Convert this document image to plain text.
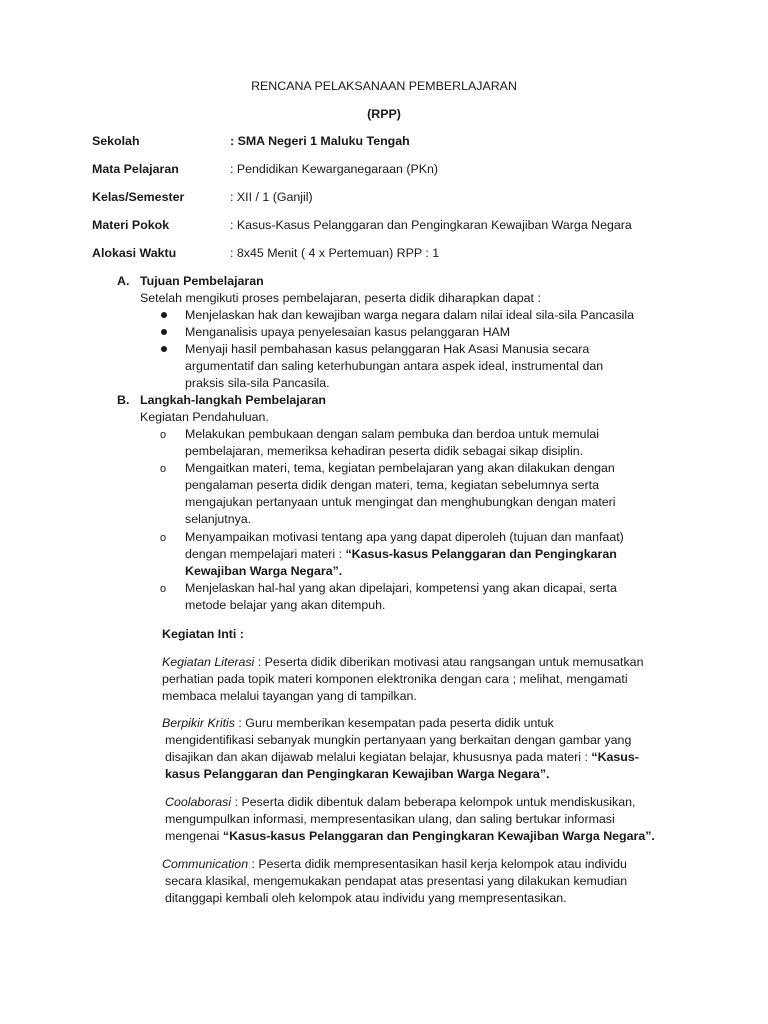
RENCANA PELAKSANAAN PEMBERLAJARAN
(RPP)
Sekolah	: SMA Negeri 1 Maluku Tengah
Mata Pelajaran	: Pendidikan Kewarganegaraan (PKn)
Kelas/Semester	: XII / 1 (Ganjil)
Materi Pokok	: Kasus-Kasus Pelanggaran dan Pengingkaran Kewajiban Warga Negara
Alokasi Waktu	: 8x45 Menit ( 4 x Pertemuan) RPP : 1
A. Tujuan Pembelajaran
Setelah mengikuti proses pembelajaran, peserta didik diharapkan dapat :
Menjelaskan hak dan kewajiban warga negara dalam nilai ideal sila-sila Pancasila
Menganalisis upaya penyelesaian kasus pelanggaran HAM
Menyaji hasil pembahasan kasus pelanggaran Hak Asasi Manusia secara
argumentatif dan saling keterhubungan antara aspek ideal, instrumental dan
praksis sila-sila Pancasila.
B. Langkah-langkah Pembelajaran
Kegiatan Pendahuluan.
o Melakukan pembukaan dengan salam pembuka dan berdoa untuk memulai
pembelajaran, memeriksa kehadiran peserta didik sebagai sikap disiplin.
o Mengaitkan materi, tema, kegiatan pembelajaran yang akan dilakukan dengan
pengalaman peserta didik dengan materi, tema, kegiatan sebelumnya serta
mengajukan pertanyaan untuk mengingat dan menghubungkan dengan materi
selanjutnya.
o Menyampaikan motivasi tentang apa yang dapat diperoleh (tujuan dan manfaat)
dengan mempelajari materi : “Kasus-kasus Pelanggaran dan Pengingkaran
Kewajiban Warga Negara”.
o Menjelaskan hal-hal yang akan dipelajari, kompetensi yang akan dicapai, serta
metode belajar yang akan ditempuh.
Kegiatan Inti :
Kegiatan Literasi : Peserta didik diberikan motivasi atau rangsangan untuk memusatkan
perhatian pada topik materi komponen elektronika dengan cara ; melihat, mengamati
membaca melalui tayangan yang di tampilkan.
Berpikir Kritis : Guru memberikan kesempatan pada peserta didik untuk
mengidentifikasi sebanyak mungkin pertanyaan yang berkaitan dengan gambar yang
disajikan dan akan dijawab melalui kegiatan belajar, khususnya pada materi : “Kasus-
kasus Pelanggaran dan Pengingkaran Kewajiban Warga Negara”.
Coolaborasi : Peserta didik dibentuk dalam beberapa kelompok untuk mendiskusikan,
mengumpulkan informasi, mempresentasikan ulang, dan saling bertukar informasi
mengenai “Kasus-kasus Pelanggaran dan Pengingkaran Kewajiban Warga Negara”.
Communication : Peserta didik mempresentasikan hasil kerja kelompok atau individu
secara klasikal, mengemukakan pendapat atas presentasi yang dilakukan kemudian
ditanggapi kembali oleh kelompok atau individu yang mempresentasikan.
